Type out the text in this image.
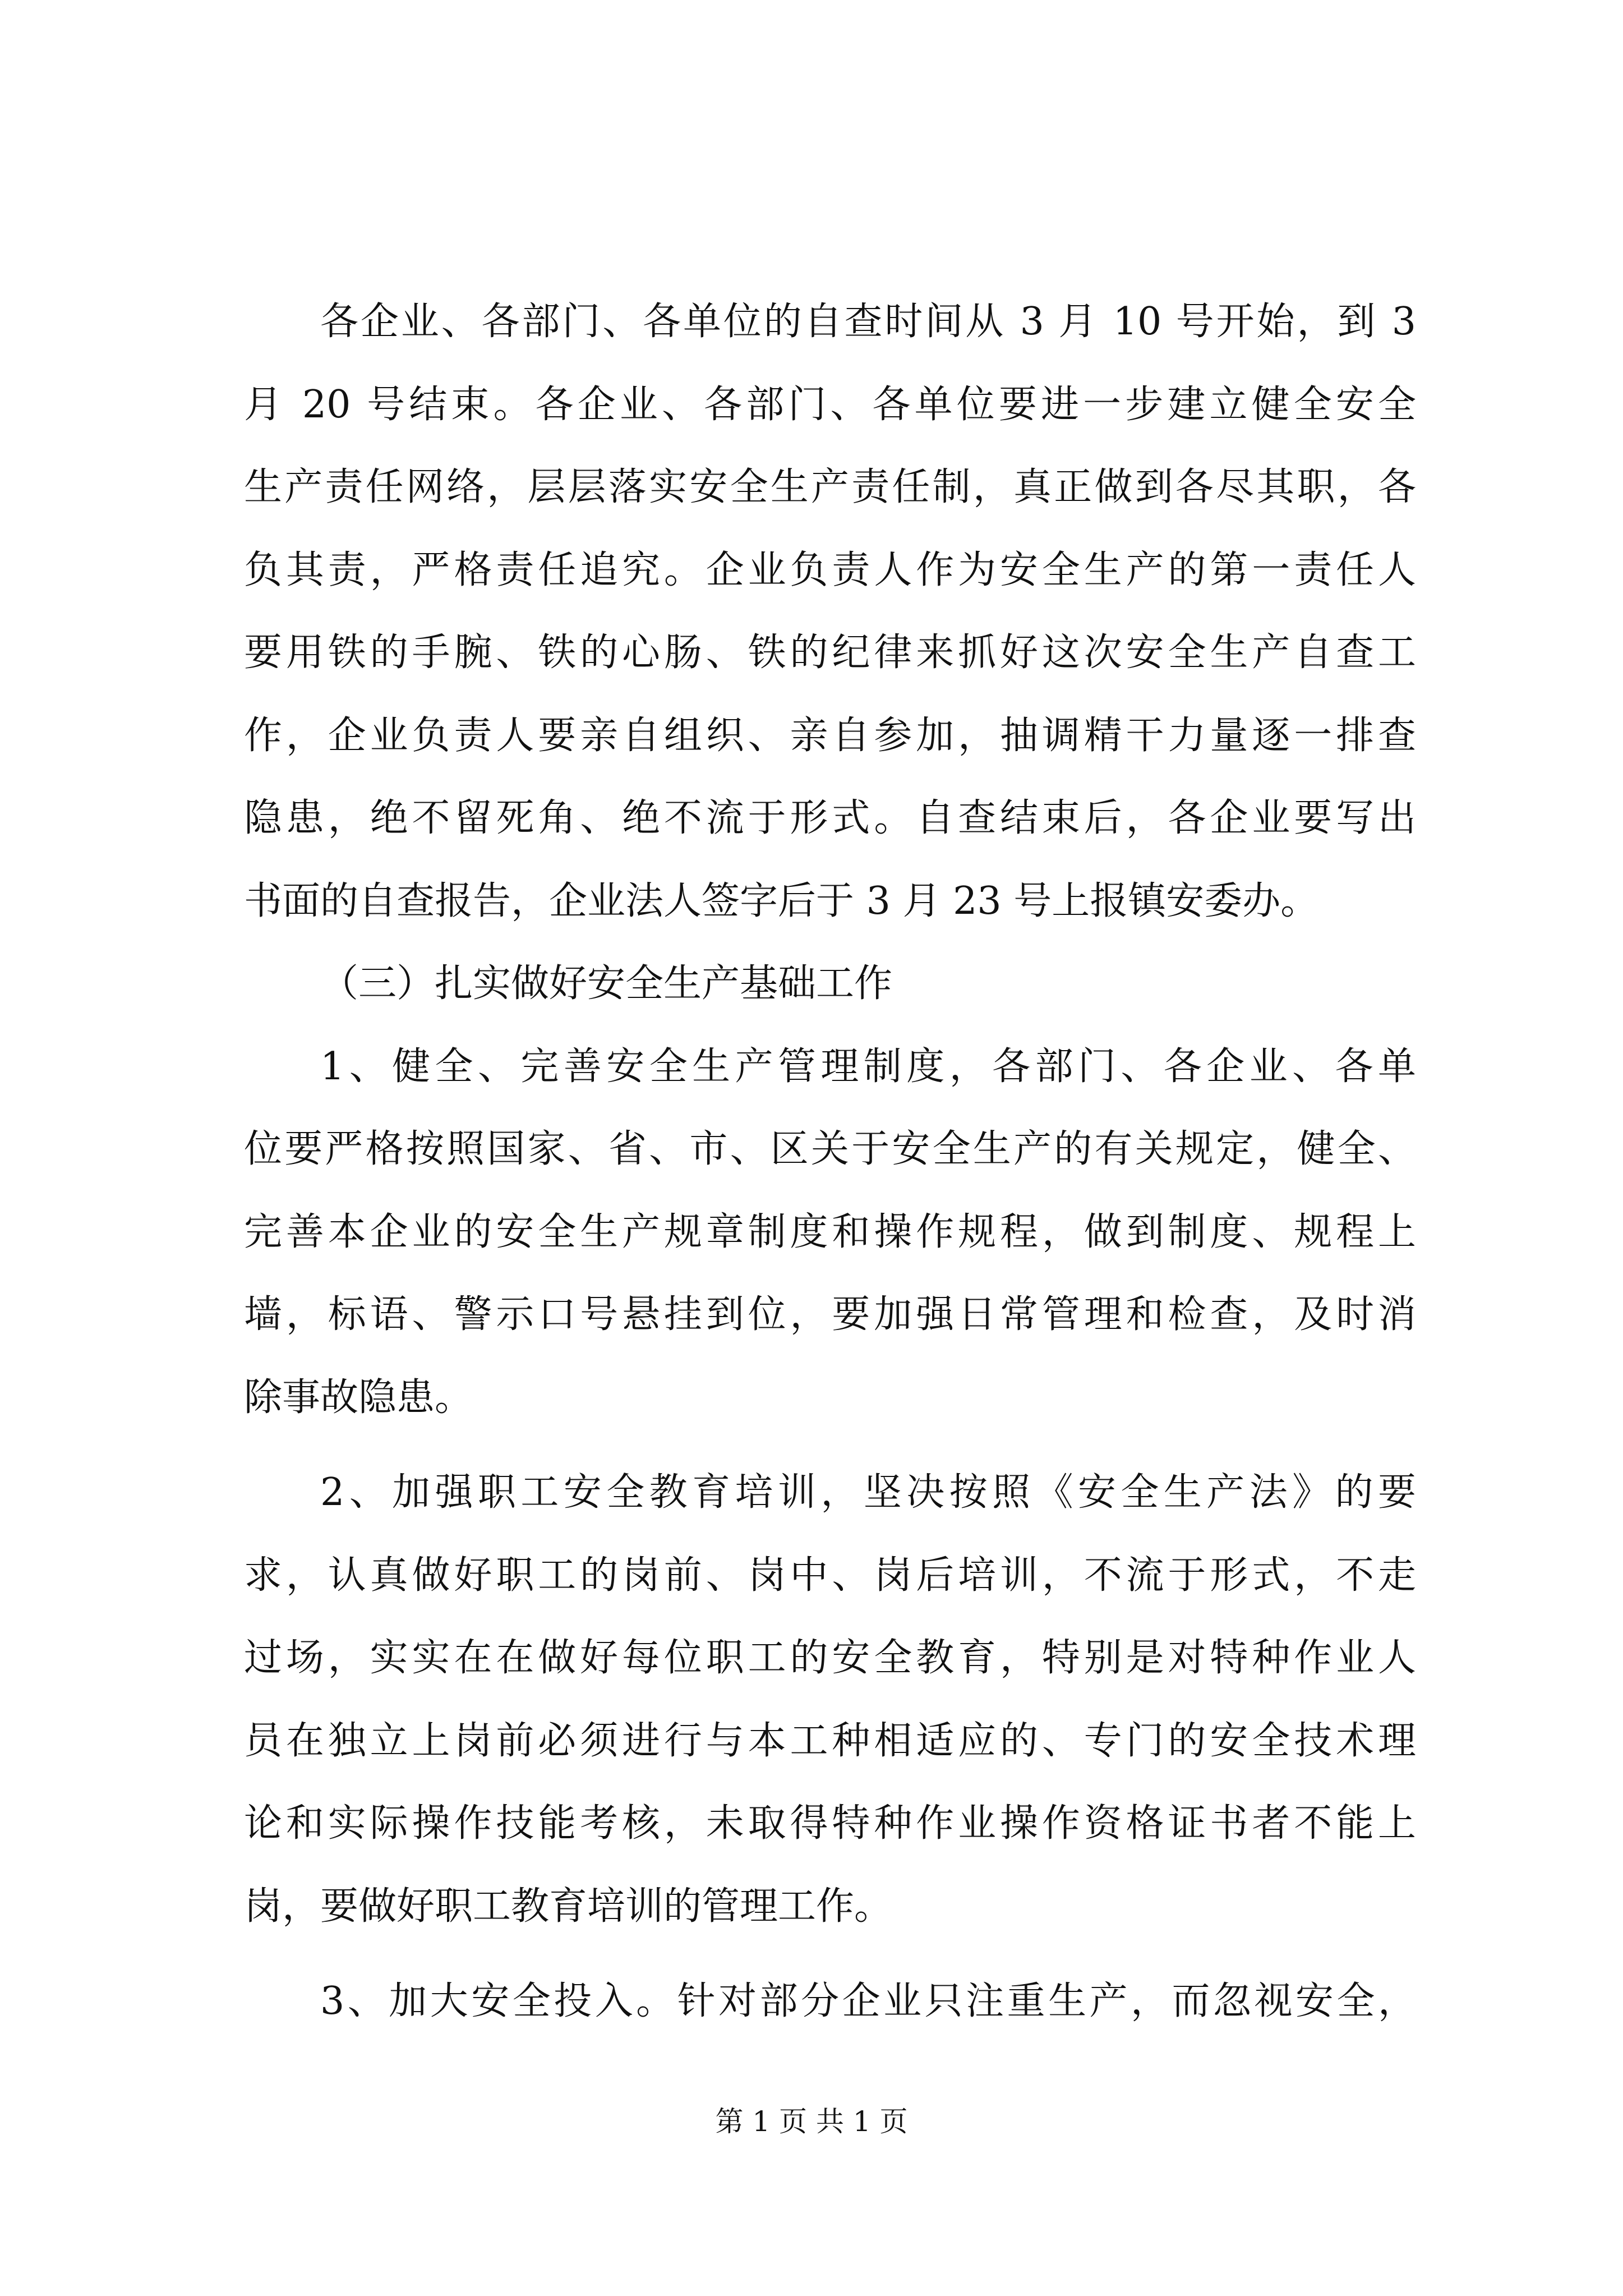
各企业、各部门、各单位的自查时间从 3 月 10 号开始，到 3
月 20 号结束。各企业、各部门、各单位要进一步建立健全安全
生产责任网络，层层落实安全生产责任制，真正做到各尽其职，各
负其责，严格责任追究。企业负责人作为安全生产的第一责任人
要用铁的手腕、铁的心肠、铁的纪律来抓好这次安全生产自查工
作，企业负责人要亲自组织、亲自参加，抽调精干力量逐一排查
隐患，绝不留死角、绝不流于形式。自查结束后，各企业要写出
书面的自查报告，企业法人签字后于 3 月 23 号上报镇安委办。
（三）扎实做好安全生产基础工作
1、健全、完善安全生产管理制度，各部门、各企业、各单
位要严格按照国家、省、市、区关于安全生产的有关规定，健全、
完善本企业的安全生产规章制度和操作规程，做到制度、规程上
墙，标语、警示口号悬挂到位，要加强日常管理和检查，及时消
除事故隐患。
2、加强职工安全教育培训，坚决按照《安全生产法》的要
求，认真做好职工的岗前、岗中、岗后培训，不流于形式，不走
过场，实实在在做好每位职工的安全教育，特别是对特种作业人
员在独立上岗前必须进行与本工种相适应的、专门的安全技术理
论和实际操作技能考核，未取得特种作业操作资格证书者不能上
岗，要做好职工教育培训的管理工作。
3、加大安全投入。针对部分企业只注重生产，而忽视安全，
第 1 页 共 1 页
